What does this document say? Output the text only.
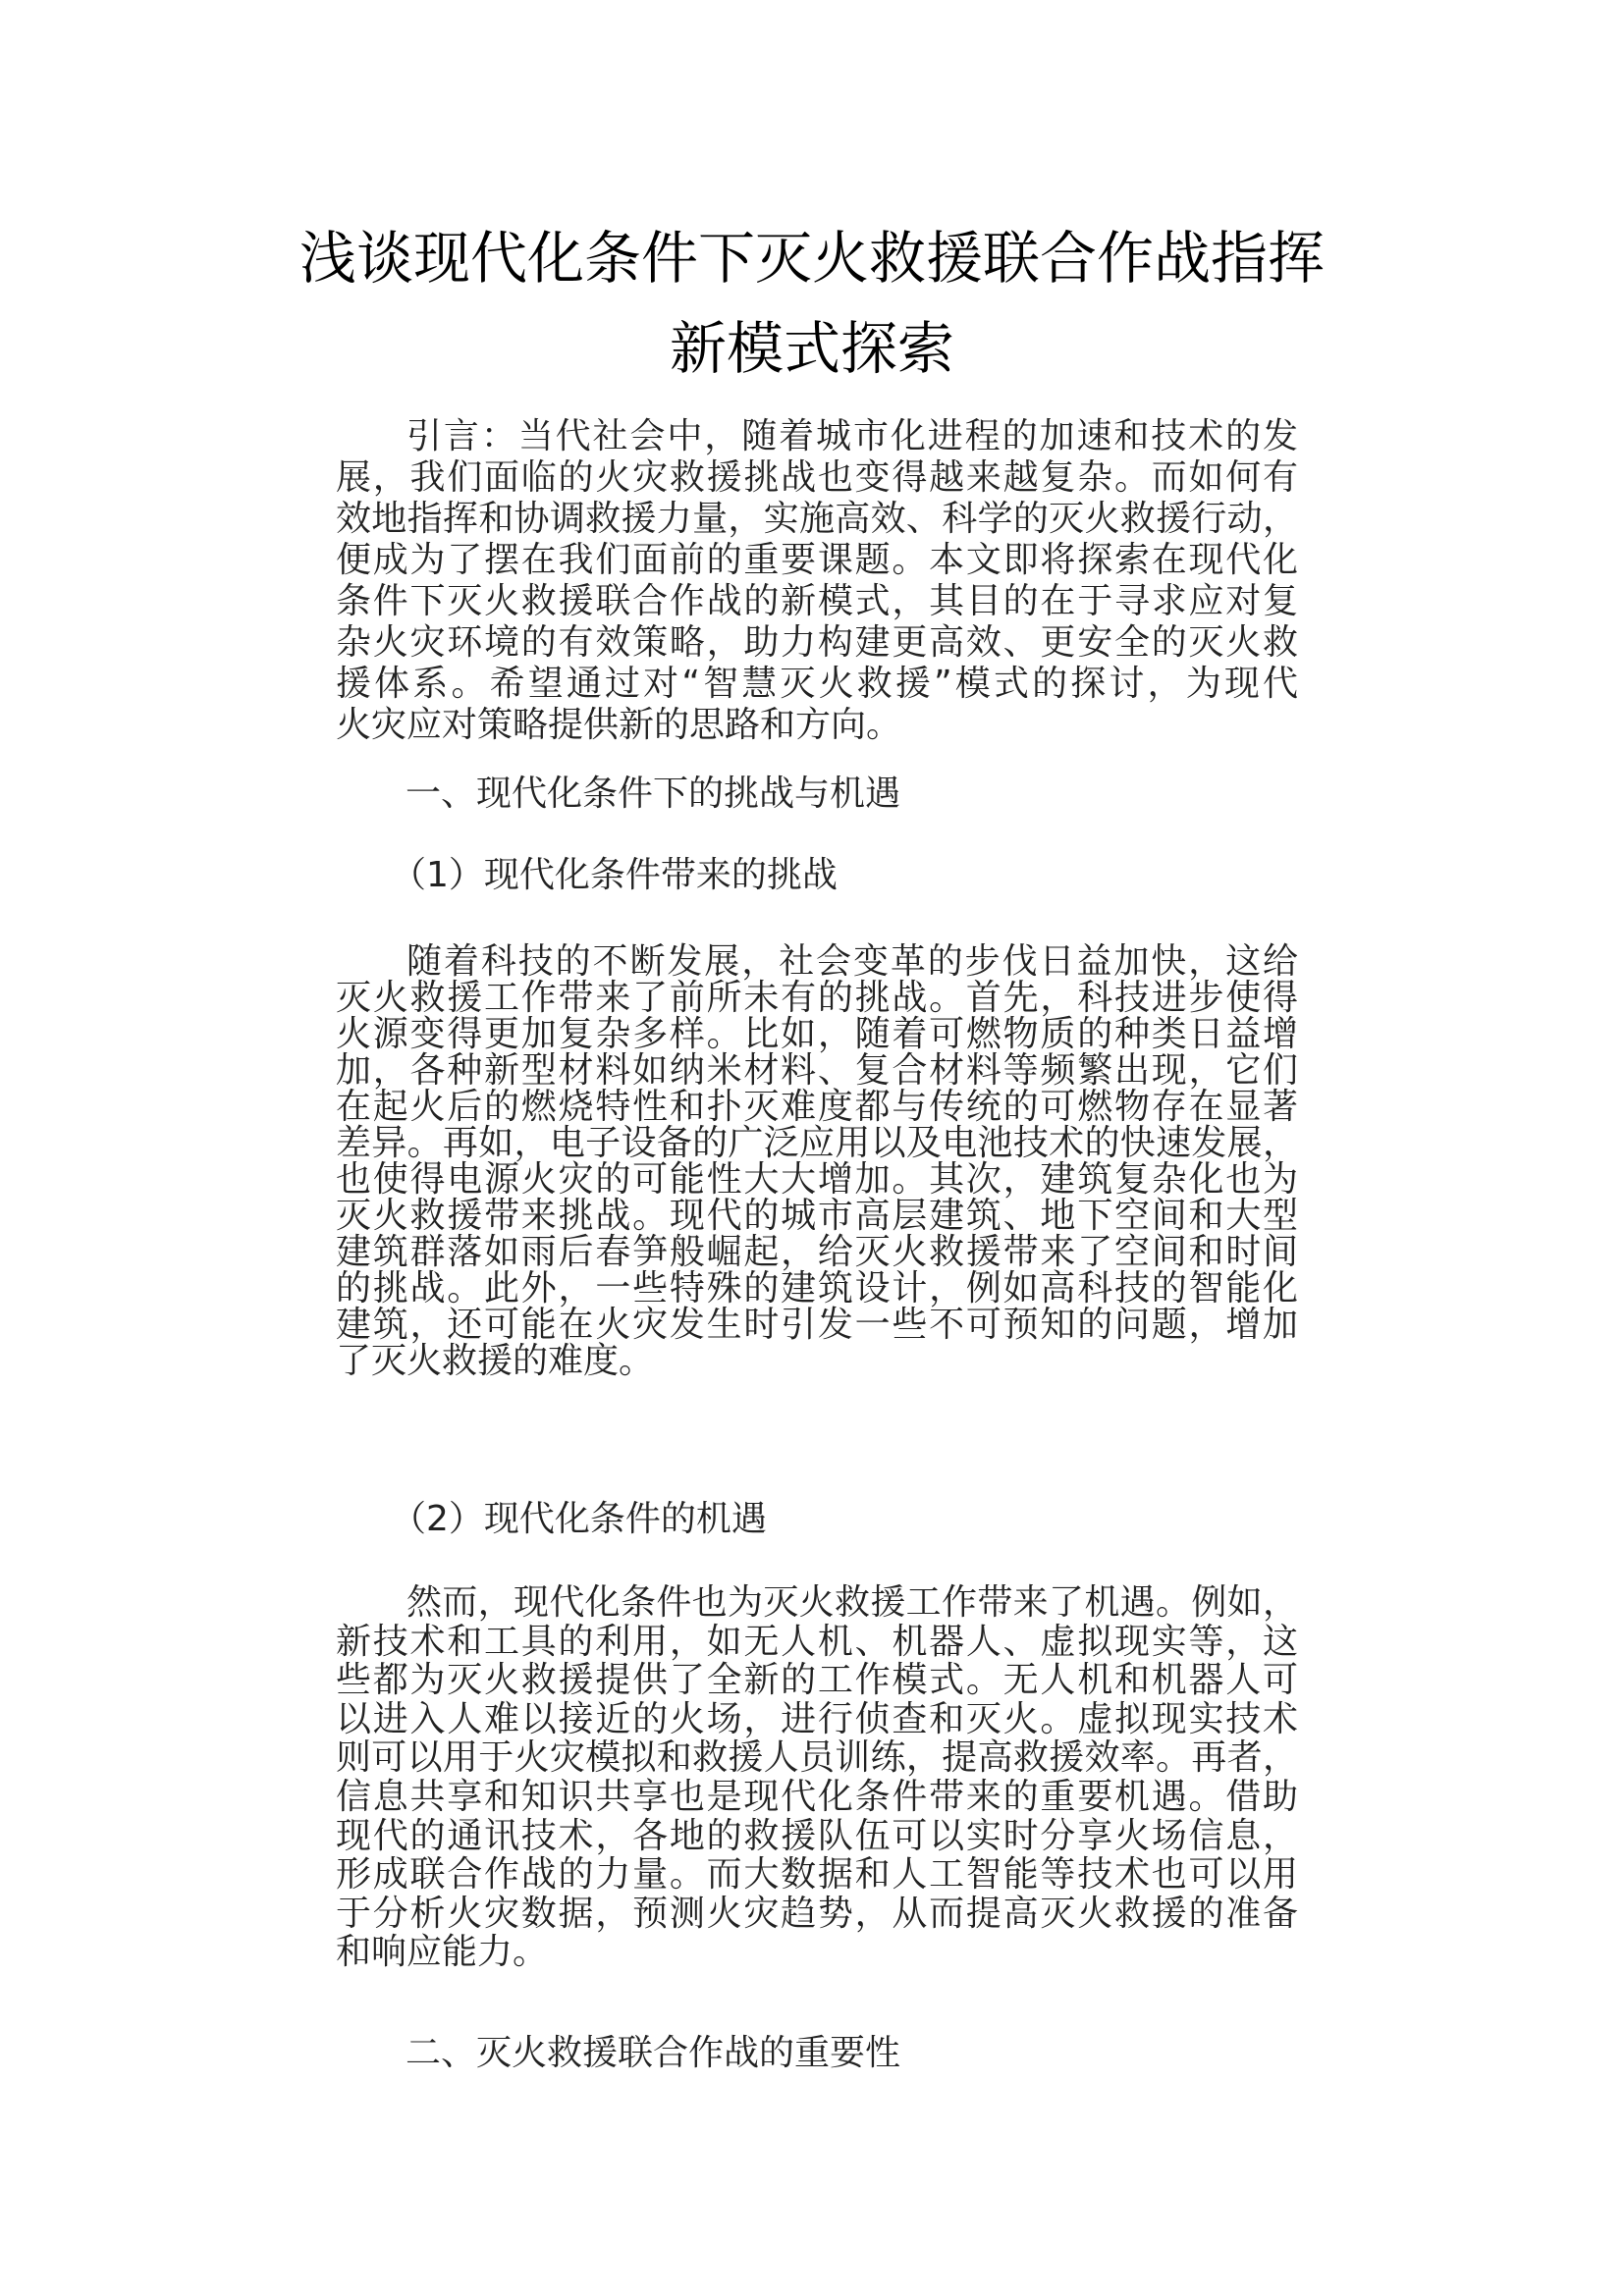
浅谈现代化条件下灭火救援联合作战指挥
新模式探索
引言：当代社会中，随着城市化进程的加速和技术的发
展，我们面临的火灾救援挑战也变得越来越复杂。而如何有
效地指挥和协调救援力量，实施高效、科学的灭火救援行动，
便成为了摆在我们面前的重要课题。本文即将探索在现代化
条件下灭火救援联合作战的新模式，其目的在于寻求应对复
杂火灾环境的有效策略，助力构建更高效、更安全的灭火救
援体系。希望通过对“智慧灭火救援”模式的探讨，为现代
火灾应对策略提供新的思路和方向。
一、现代化条件下的挑战与机遇
（1）现代化条件带来的挑战
随着科技的不断发展，社会变革的步伐日益加快，这给
灭火救援工作带来了前所未有的挑战。首先，科技进步使得
火源变得更加复杂多样。比如，随着可燃物质的种类日益增
加，各种新型材料如纳米材料、复合材料等频繁出现，它们
在起火后的燃烧特性和扑灭难度都与传统的可燃物存在显著
差异。再如，电子设备的广泛应用以及电池技术的快速发展，
也使得电源火灾的可能性大大增加。其次，建筑复杂化也为
灭火救援带来挑战。现代的城市高层建筑、地下空间和大型
建筑群落如雨后春笋般崛起，给灭火救援带来了空间和时间
的挑战。此外，一些特殊的建筑设计，例如高科技的智能化
建筑，还可能在火灾发生时引发一些不可预知的问题，增加
了灭火救援的难度。
（2）现代化条件的机遇
然而，现代化条件也为灭火救援工作带来了机遇。例如，
新技术和工具的利用，如无人机、机器人、虚拟现实等，这
些都为灭火救援提供了全新的工作模式。无人机和机器人可
以进入人难以接近的火场，进行侦查和灭火。虚拟现实技术
则可以用于火灾模拟和救援人员训练，提高救援效率。再者，
信息共享和知识共享也是现代化条件带来的重要机遇。借助
现代的通讯技术，各地的救援队伍可以实时分享火场信息，
形成联合作战的力量。而大数据和人工智能等技术也可以用
于分析火灾数据，预测火灾趋势，从而提高灭火救援的准备
和响应能力。
二、灭火救援联合作战的重要性
